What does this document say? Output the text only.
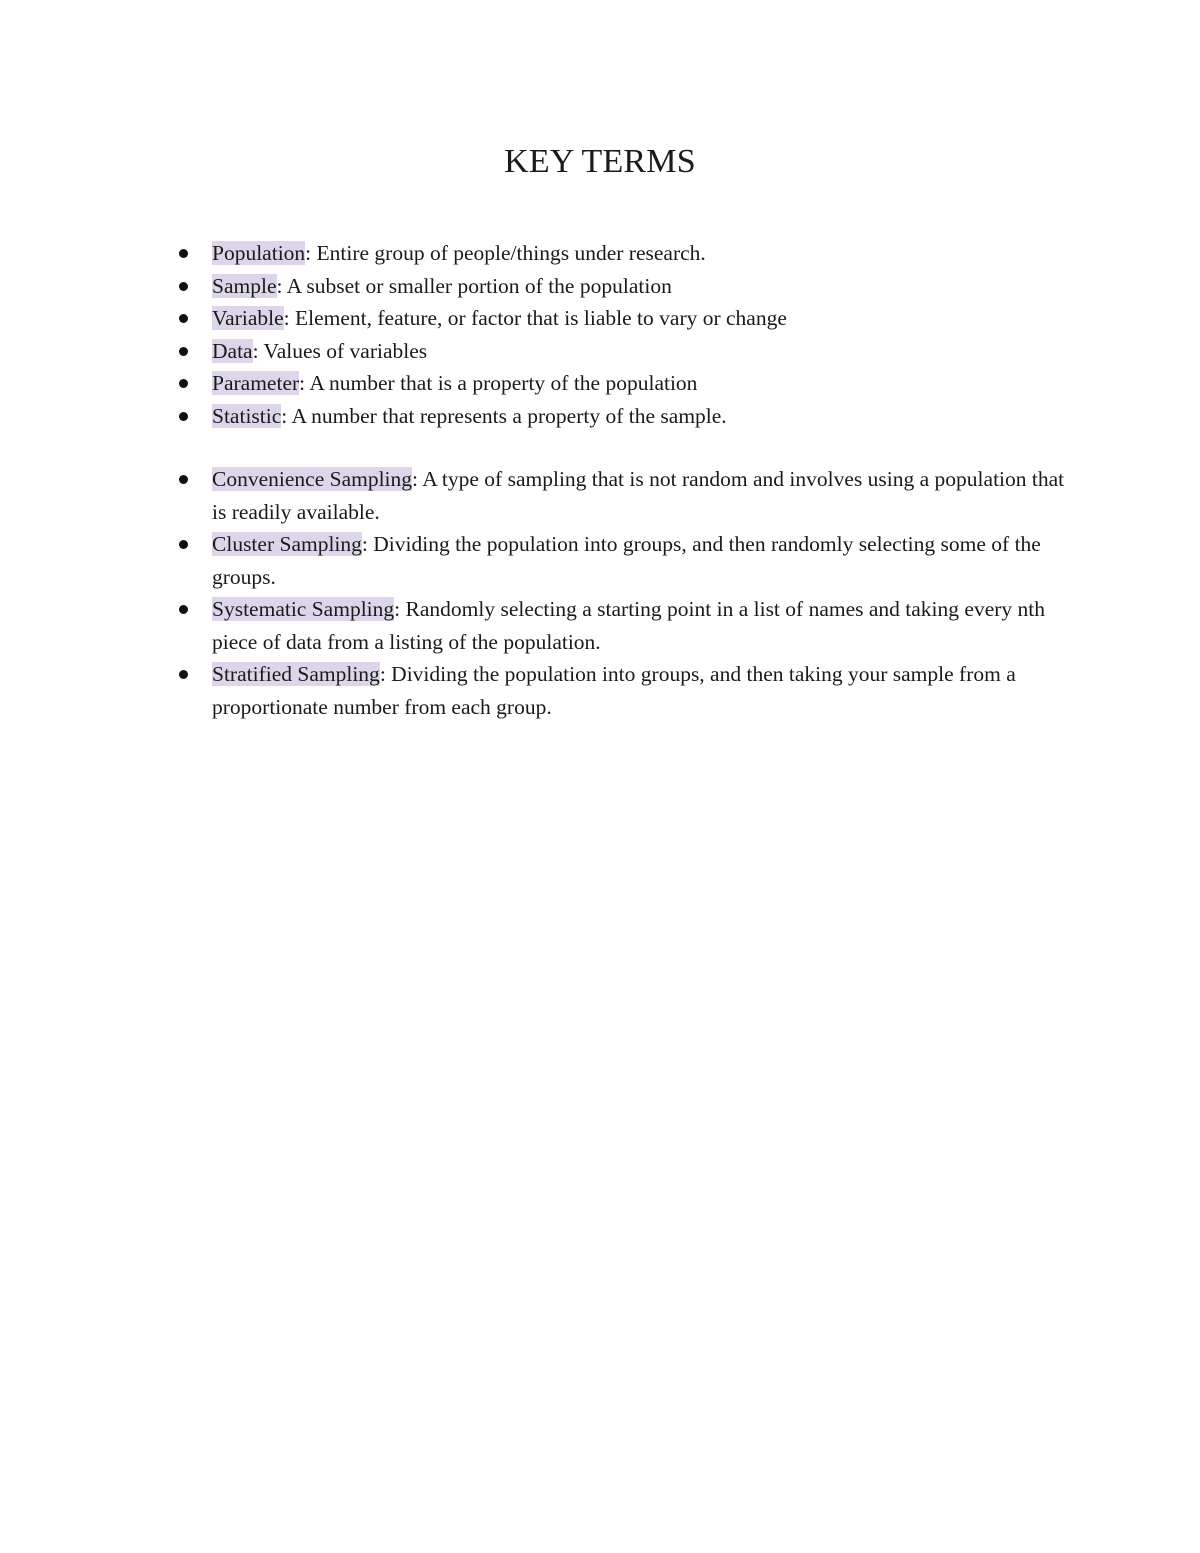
KEY TERMS
Population: Entire group of people/things under research.
Sample: A subset or smaller portion of the population
Variable: Element, feature, or factor that is liable to vary or change
Data: Values of variables
Parameter: A number that is a property of the population
Statistic: A number that represents a property of the sample.
Convenience Sampling: A type of sampling that is not random and involves using a population that is readily available.
Cluster Sampling: Dividing the population into groups, and then randomly selecting some of the groups.
Systematic Sampling: Randomly selecting a starting point in a list of names and taking every nth piece of data from a listing of the population.
Stratified Sampling: Dividing the population into groups, and then taking your sample from a proportionate number from each group.
